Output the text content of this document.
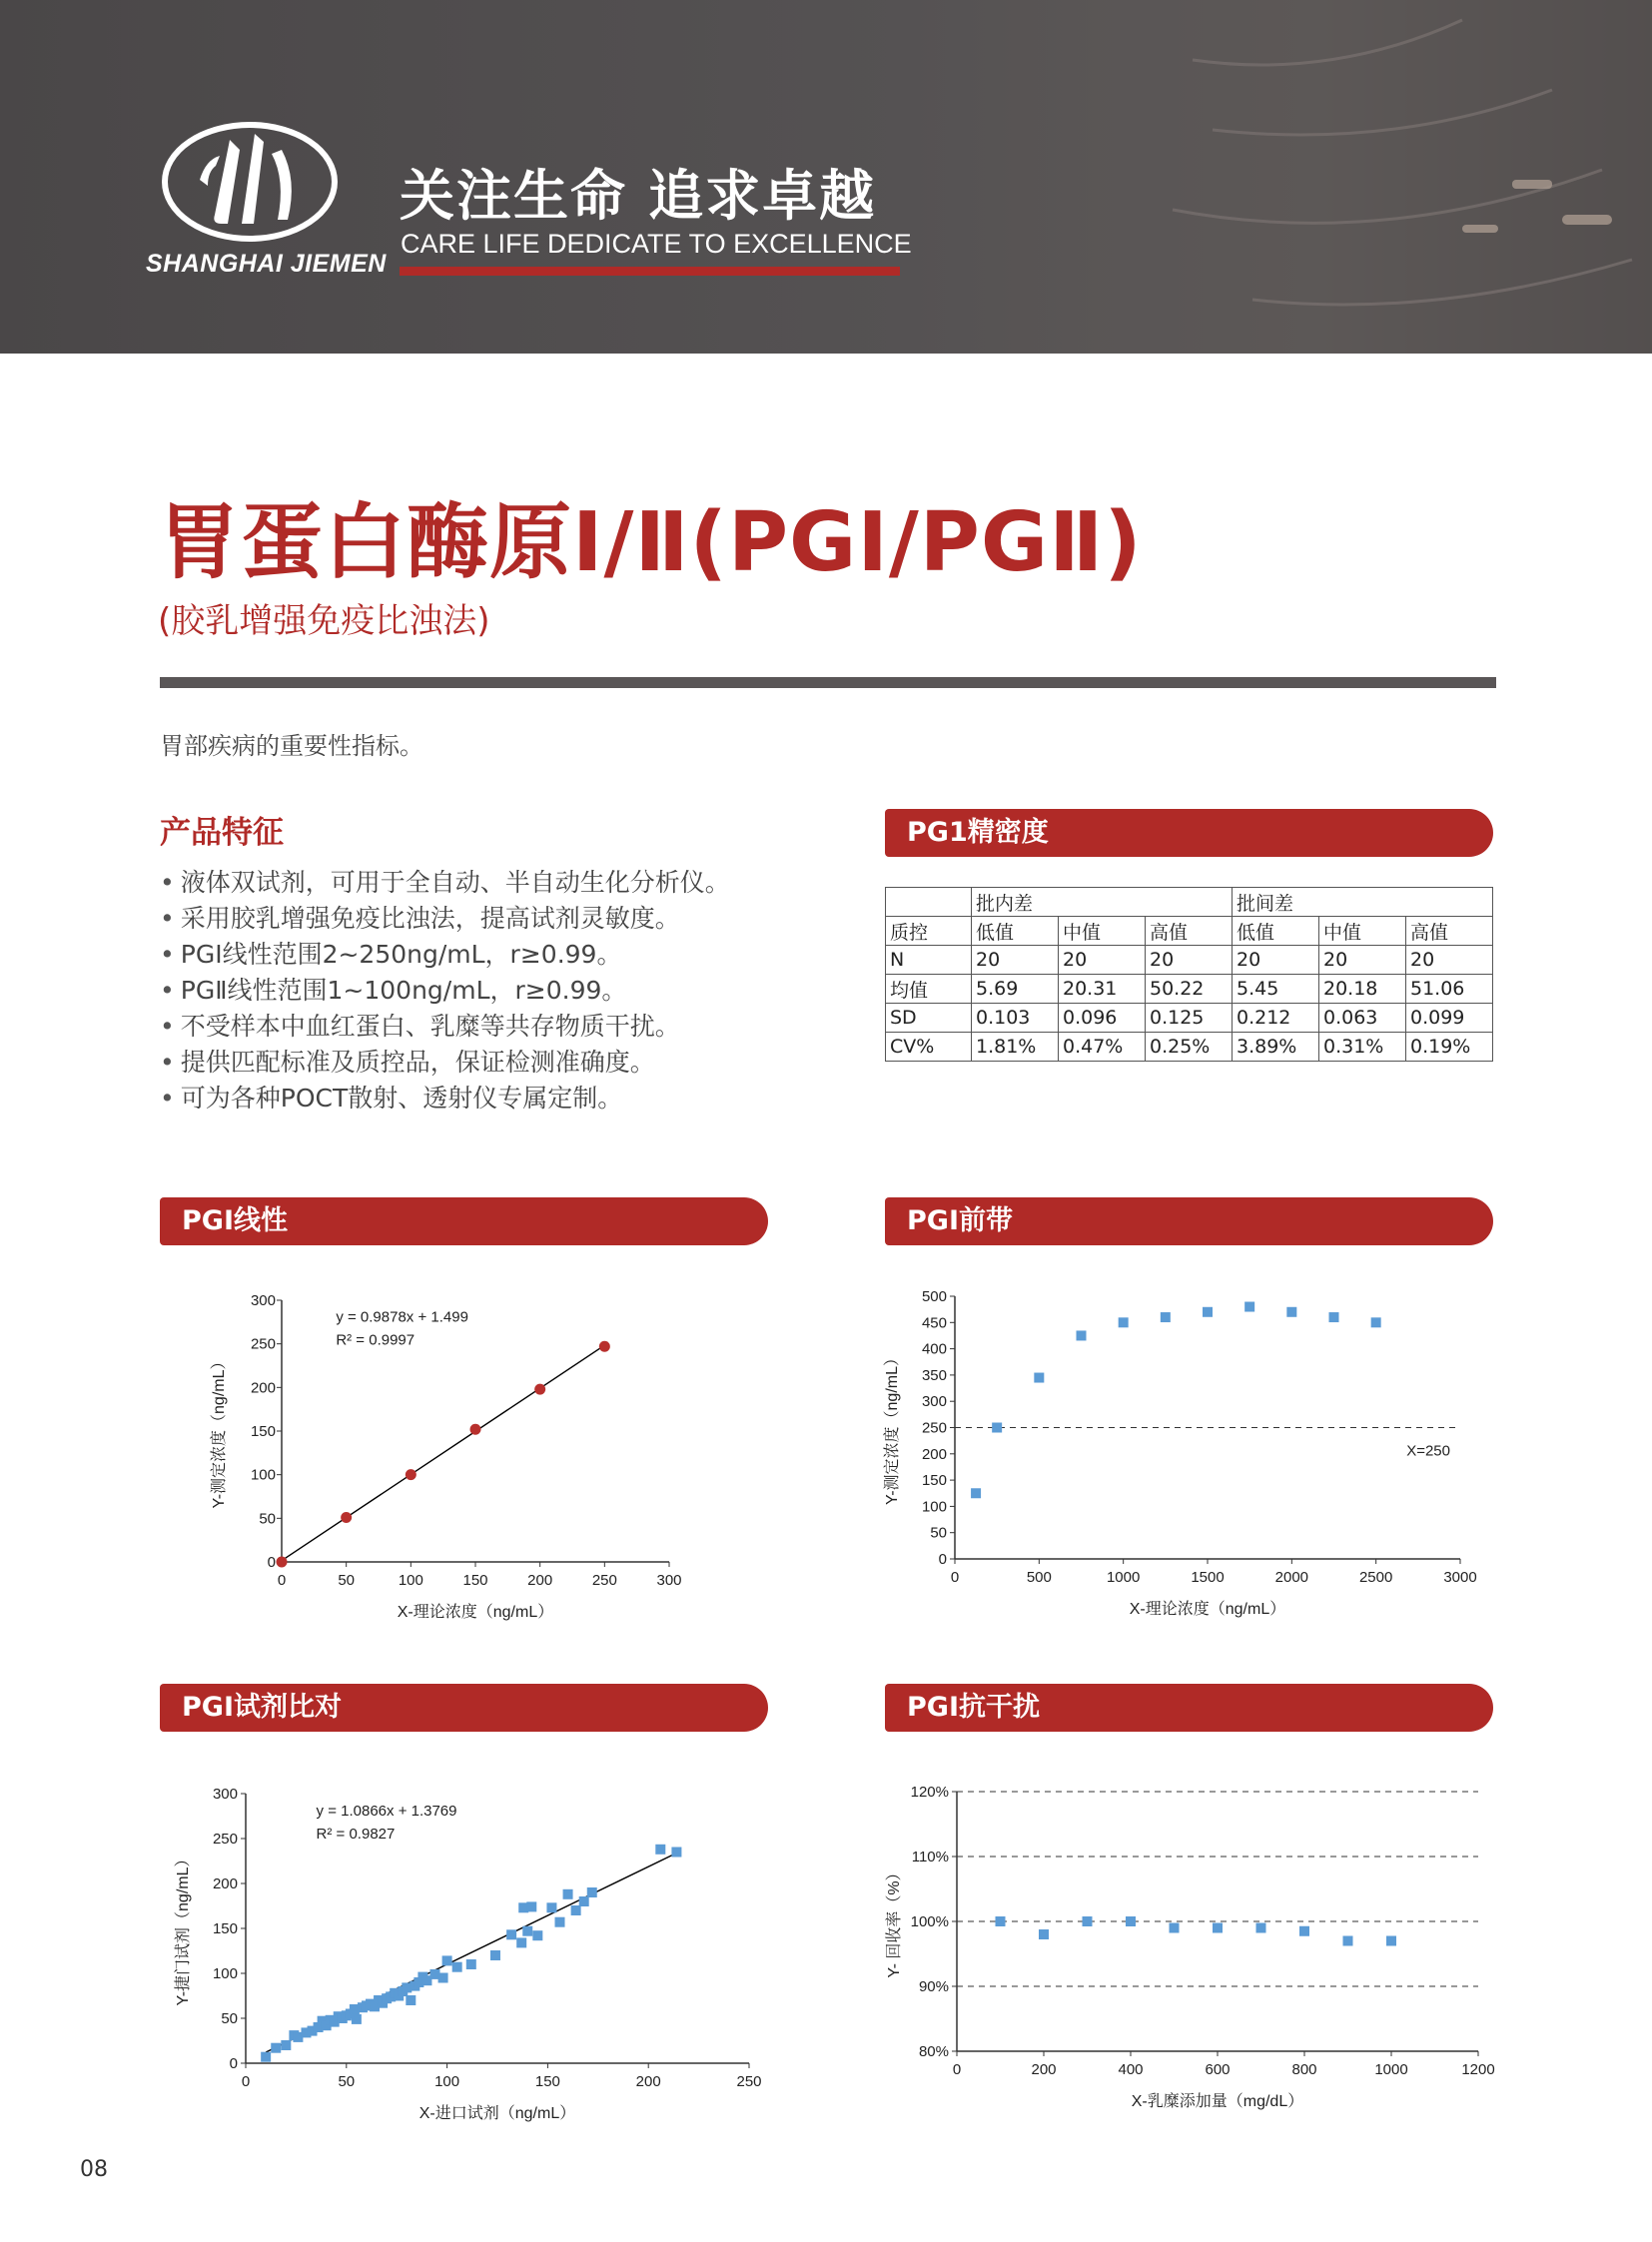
SHANGHAI JIEMEN
关注生命 追求卓越
CARE LIFE DEDICATE TO EXCELLENCE
胃蛋白酶原Ⅰ/Ⅱ(PGⅠ/PGⅡ)
(胶乳增强免疫比浊法)
胃部疾病的重要性指标。
产品特征
• 液体双试剂，可用于全自动、半自动生化分析仪。
• 采用胶乳增强免疫比浊法，提高试剂灵敏度。
• PGⅠ线性范围2~250ng/mL，r≥0.99。
• PGⅡ线性范围1~100ng/mL，r≥0.99。
• 不受样本中血红蛋白、乳糜等共存物质干扰。
• 提供匹配标准及质控品，保证检测准确度。
• 可为各种POCT散射、透射仪专属定制。
PG1精密度
	批内差			批间差		
质控	低值	中值	高值	低值	中值	高值
N	20	20	20	20	20	20
均值	5.69	20.31	50.22	5.45	20.18	51.06
SD	0.103	0.096	0.125	0.212	0.063	0.099
CV%	1.81%	0.47%	0.25%	3.89%	0.31%	0.19%
PGⅠ线性	PGⅠ前带
PGⅠ试剂比对	PGⅠ抗干扰
0	50	100	150	200	250	300
0
50
100
150
200
250
300
X-理论浓度（ng/mL）
Y-测定浓度（ng/mL）
y = 0.9878x + 1.499
R² = 0.9997
0	500	1000	1500	2000	2500	3000
0
50
100
150
200
250
300
350
400
450
500
X-理论浓度（ng/mL）
Y-测定浓度（ng/mL）	X=250
0	50	100	150	200	250
0
50
100
150
200
250
300
X-进口试剂（ng/mL）
Y-捷门试剂（ng/mL）
y = 1.0866x + 1.3769
R² = 0.9827
0	200	400	600	800	1000	1200
80%
90%
100%
110%
120%
X-乳糜添加量（mg/dL）
Y- 回收率（%）
08
